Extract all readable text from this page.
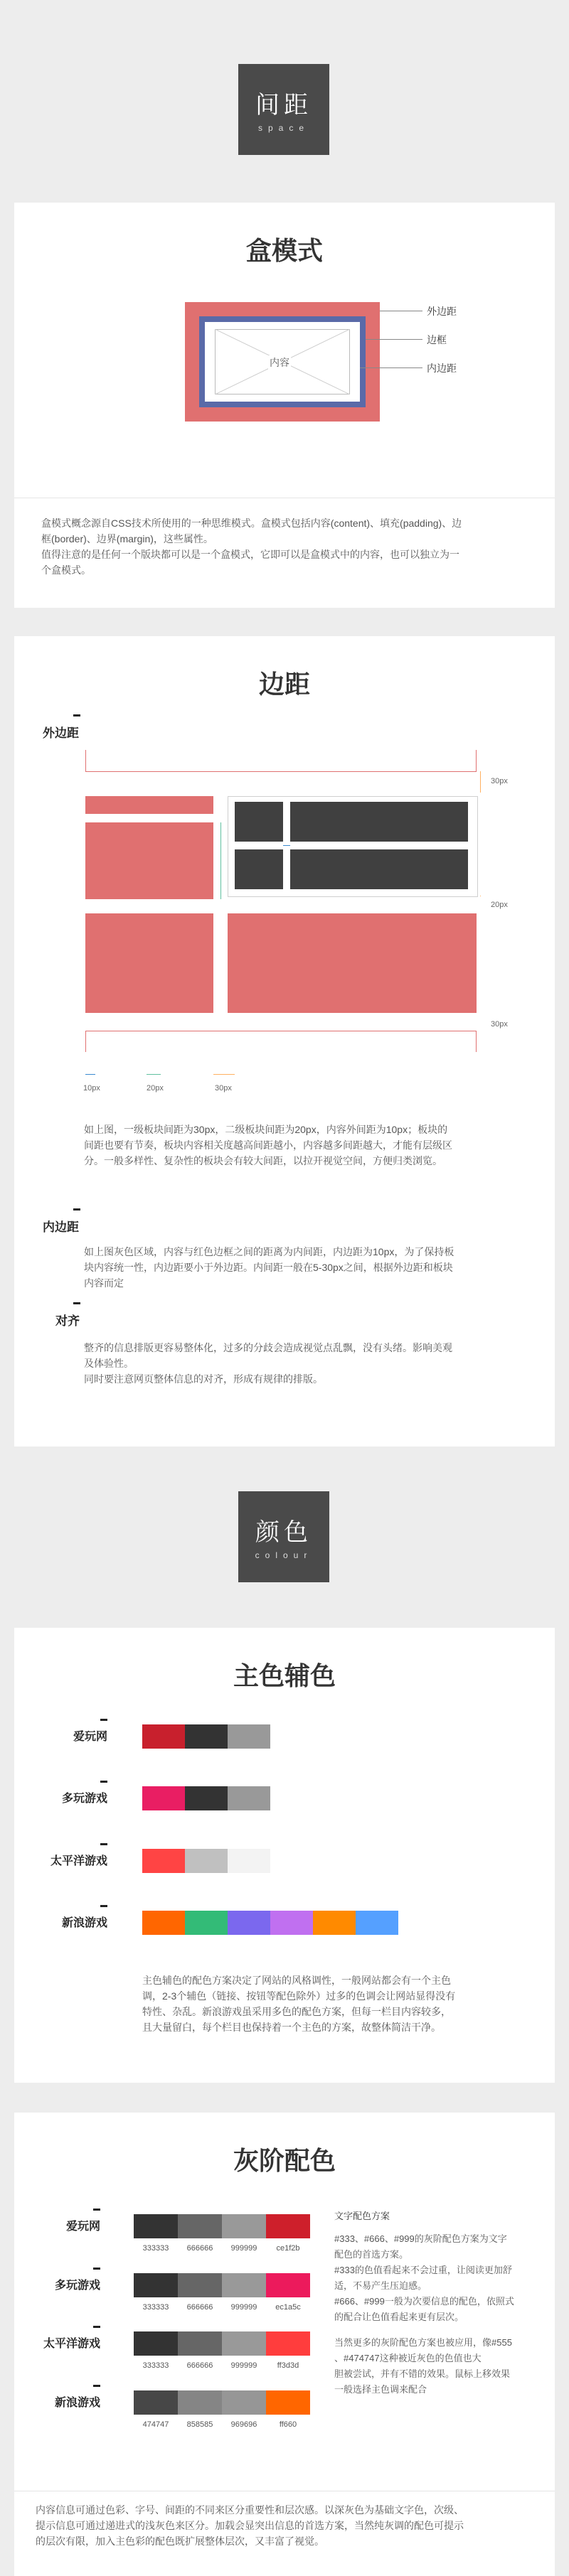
间距
space
盒模式
内容
外边距
边框
内边距

盒模式概念源自CSS技术所使用的一种思维模式。盒模式包括内容(content)、填充(padding)、边

框(border)、边界(margin)，这些属性。

值得注意的是任何一个版块都可以是一个盒模式，它即可以是盒模式中的内容，也可以独立为一

个盒模式。

边距
外边距
30px
20px
30px
10px	20px	30px

如上图，一级板块间距为30px，二级板块间距为20px，内容外间距为10px；板块的

间距也要有节奏，板块内容相关度越高间距越小，内容越多间距越大，才能有层级区

分。一般多样性、复杂性的板块会有较大间距，以拉开视觉空间，方便归类浏览。

内边距

如上图灰色区域，内容与红色边框之间的距离为内间距，内边距为10px，为了保持板

块内容统一性，内边距要小于外边距。内间距一般在5-30px之间，根据外边距和板块

内容而定

对齐

整齐的信息排版更容易整体化，过多的分歧会造成视觉点乱飘，没有头绪。影响美观

及体验性。

同时要注意网页整体信息的对齐，形成有规律的排版。

颜色
colour
主色辅色
爱玩网
多玩游戏
太平洋游戏
新浪游戏

主色辅色的配色方案决定了网站的风格调性，一般网站都会有一个主色

调，2-3个辅色（链接、按钮等配色除外）过多的色调会让网站显得没有

特性、杂乱。新浪游戏虽采用多色的配色方案，但每一栏目内容较多，

且大量留白，每个栏目也保持着一个主色的方案，故整体简洁干净。

灰阶配色
爱玩网
333333	666666	999999	ce1f2b
多玩游戏
333333	666666	999999	ec1a5c
太平洋游戏
333333	666666	999999	ff3d3d
新浪游戏
474747	858585	969696	ff660

文字配色方案

#333、#666、#999的灰阶配色方案为文字

配色的首选方案。

#333的色值看起来不会过重，让阅读更加舒

适，不易产生压迫感。

#666、#999一般为次要信息的配色，依照式

的配合让色值看起来更有层次。

当然更多的灰阶配色方案也被应用，像#555

、#474747这种被近灰色的色值也大

胆被尝试，并有不错的效果。鼠标上移效果

一般选择主色调来配合

内容信息可通过色彩、字号、间距的不同来区分重要性和层次感。以深灰色为基础文字色，次级、

提示信息可通过递进式的浅灰色来区分。加载会显突出信息的首选方案，当然纯灰调的配色可提示

的层次有限，加入主色彩的配色既扩展整体层次，又丰富了视觉。
